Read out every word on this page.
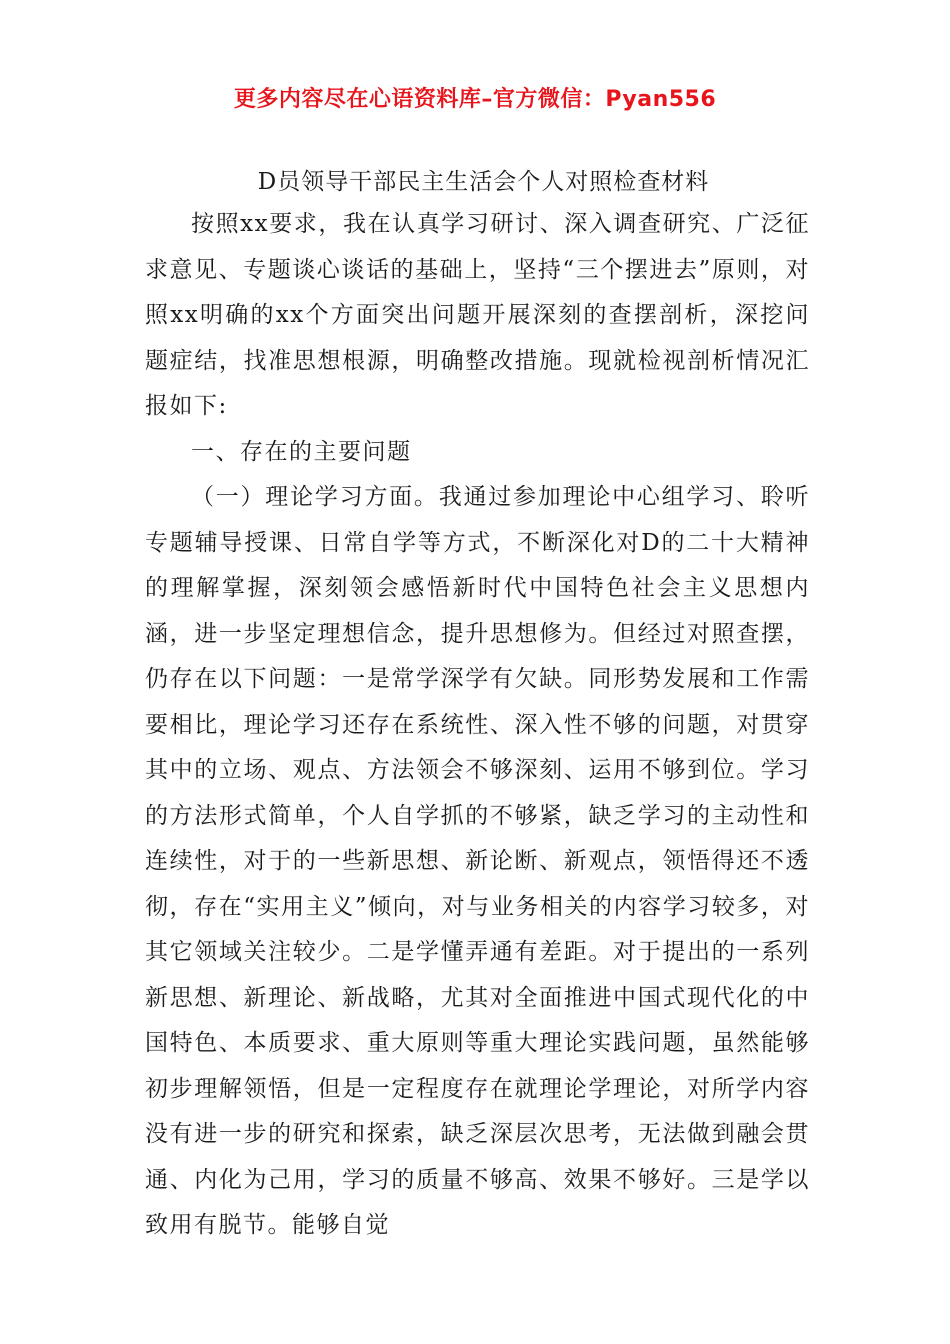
更多内容尽在心语资料库–官方微信：Pyan556
D员领导干部民主生活会个人对照检查材料

按照xx要求，我在认真学习研讨、深入调查研究、广泛征求意见、专题谈心谈话的基础上，坚持“三个摆进去”原则，对照xx明确的xx个方面突出问题开展深刻的查摆剖析，深挖问题症结，找准思想根源，明确整改措施。现就检视剖析情况汇报如下:

一、存在的主要问题

（一）理论学习方面。我通过参加理论中心组学习、聆听专题辅导授课、日常自学等方式，不断深化对D的二十大精神的理解掌握，深刻领会感悟新时代中国特色社会主义思想内涵，进一步坚定理想信念，提升思想修为。但经过对照查摆，仍存在以下问题：一是常学深学有欠缺。同形势发展和工作需要相比，理论学习还存在系统性、深入性不够的问题，对贯穿其中的立场、观点、方法领会不够深刻、运用不够到位。学习的方法形式简单，个人自学抓的不够紧，缺乏学习的主动性和连续性，对于的一些新思想、新论断、新观点，领悟得还不透彻，存在“实用主义”倾向，对与业务相关的内容学习较多，对其它领域关注较少。二是学懂弄通有差距。对于提出的一系列新思想、新理论、新战略，尤其对全面推进中国式现代化的中国特色、本质要求、重大原则等重大理论实践问题，虽然能够初步理解领悟，但是一定程度存在就理论学理论，对所学内容没有进一步的研究和探索，缺乏深层次思考，无法做到融会贯通、内化为己用，学习的质量不够高、效果不够好。三是学以致用有脱节。能够自觉
